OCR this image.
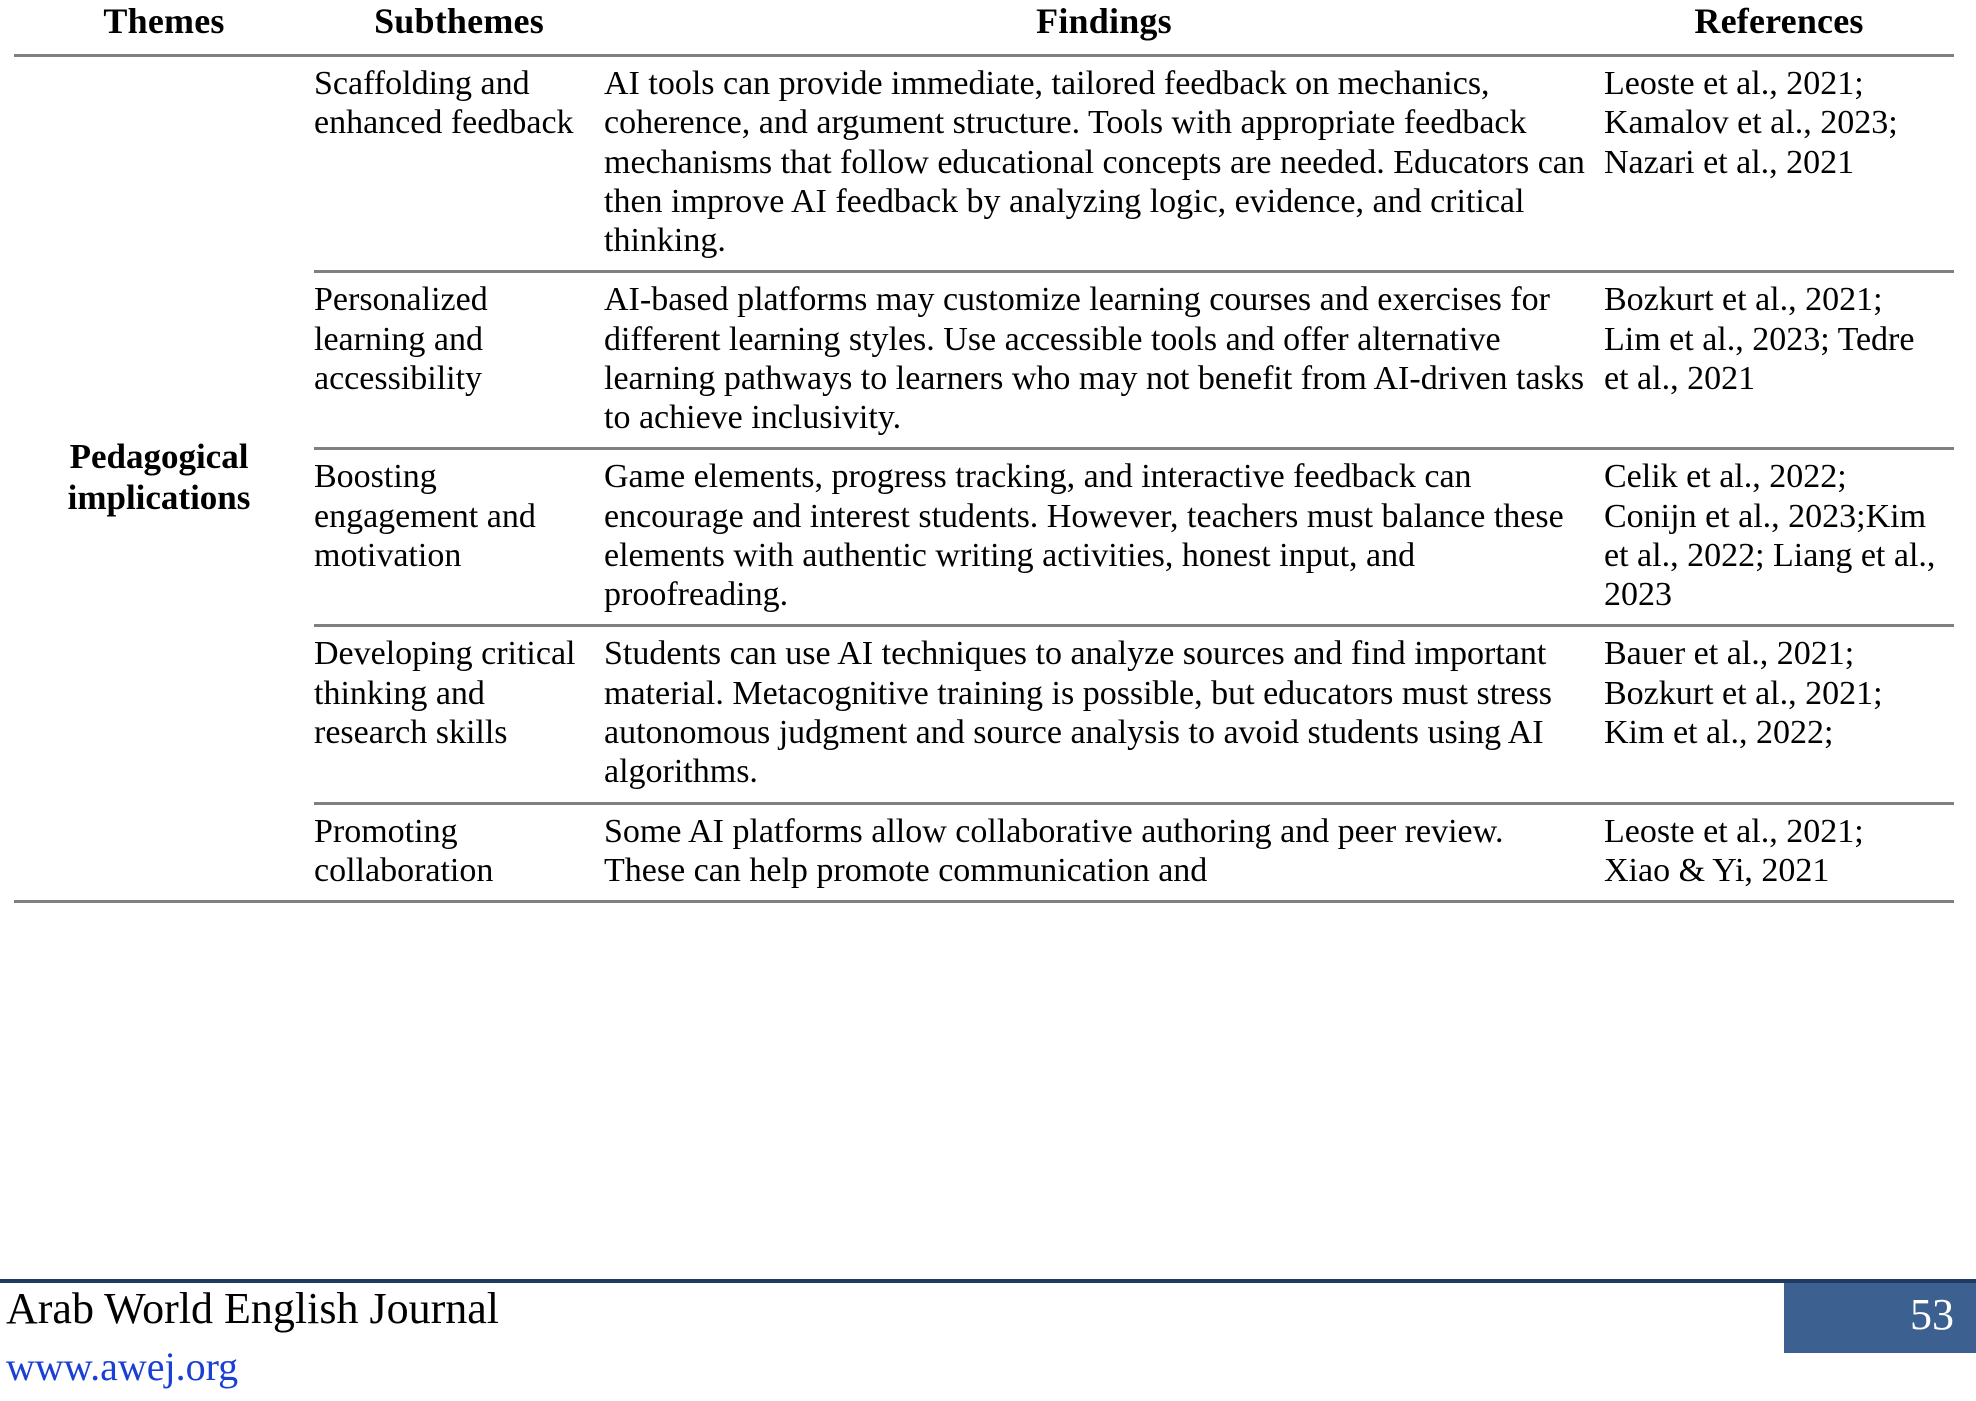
Themes	Subthemes	Findings	References

Pedagogical implications	Scaffolding and enhanced feedback	AI tools can provide immediate, tailored feedback on mechanics, coherence, and argument structure. Tools with appropriate feedback mechanisms that follow educational concepts are needed. Educators can then improve AI feedback by analyzing logic, evidence, and critical thinking.	Leoste et al., 2021; Kamalov et al., 2023; Nazari et al., 2021
	Personalized learning and accessibility	AI-based platforms may customize learning courses and exercises for different learning styles. Use accessible tools and offer alternative learning pathways to learners who may not benefit from AI-driven tasks to achieve inclusivity.	Bozkurt et al., 2021; Lim et al., 2023; Tedre et al., 2021
	Boosting engagement and motivation	Game elements, progress tracking, and interactive feedback can encourage and interest students. However, teachers must balance these elements with authentic writing activities, honest input, and proofreading.	Celik et al., 2022; Conijn et al., 2023;Kim et al., 2022; Liang et al., 2023
	Developing critical thinking and research skills	Students can use AI techniques to analyze sources and find important material. Metacognitive training is possible, but educators must stress autonomous judgment and source analysis to avoid students using AI algorithms.	Bauer et al., 2021; Bozkurt et al., 2021; Kim et al., 2022;
	Promoting collaboration	Some AI platforms allow collaborative authoring and peer review. These can help promote communication and	Leoste et al., 2021; Xiao & Yi, 2021

Arab World English Journal
www.awej.org
53
